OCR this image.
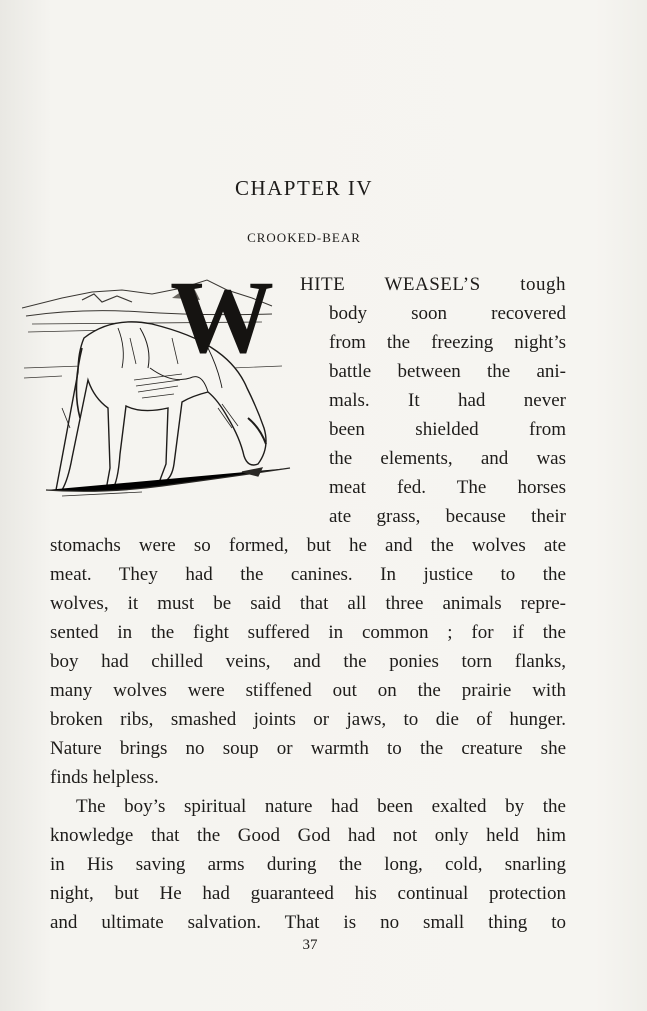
CHAPTER IV
CROOKED-BEAR
W HITE WEASEL’S tough
body soon recovered
from the freezing night’s
battle between the ani-
mals. It had never
been shielded from
the elements, and was
meat fed. The horses
ate grass, because their
stomachs were so formed, but he and the wolves ate
meat. They had the canines. In justice to the
wolves, it must be said that all three animals repre-
sented in the fight suffered in common ; for if the
boy had chilled veins, and the ponies torn flanks,
many wolves were stiffened out on the prairie with
broken ribs, smashed joints or jaws, to die of hunger.
Nature brings no soup or warmth to the creature she
finds helpless.
The boy’s spiritual nature had been exalted by the
knowledge that the Good God had not only held him
in His saving arms during the long, cold, snarling
night, but He had guaranteed his continual protection
and ultimate salvation. That is no small thing to
37
